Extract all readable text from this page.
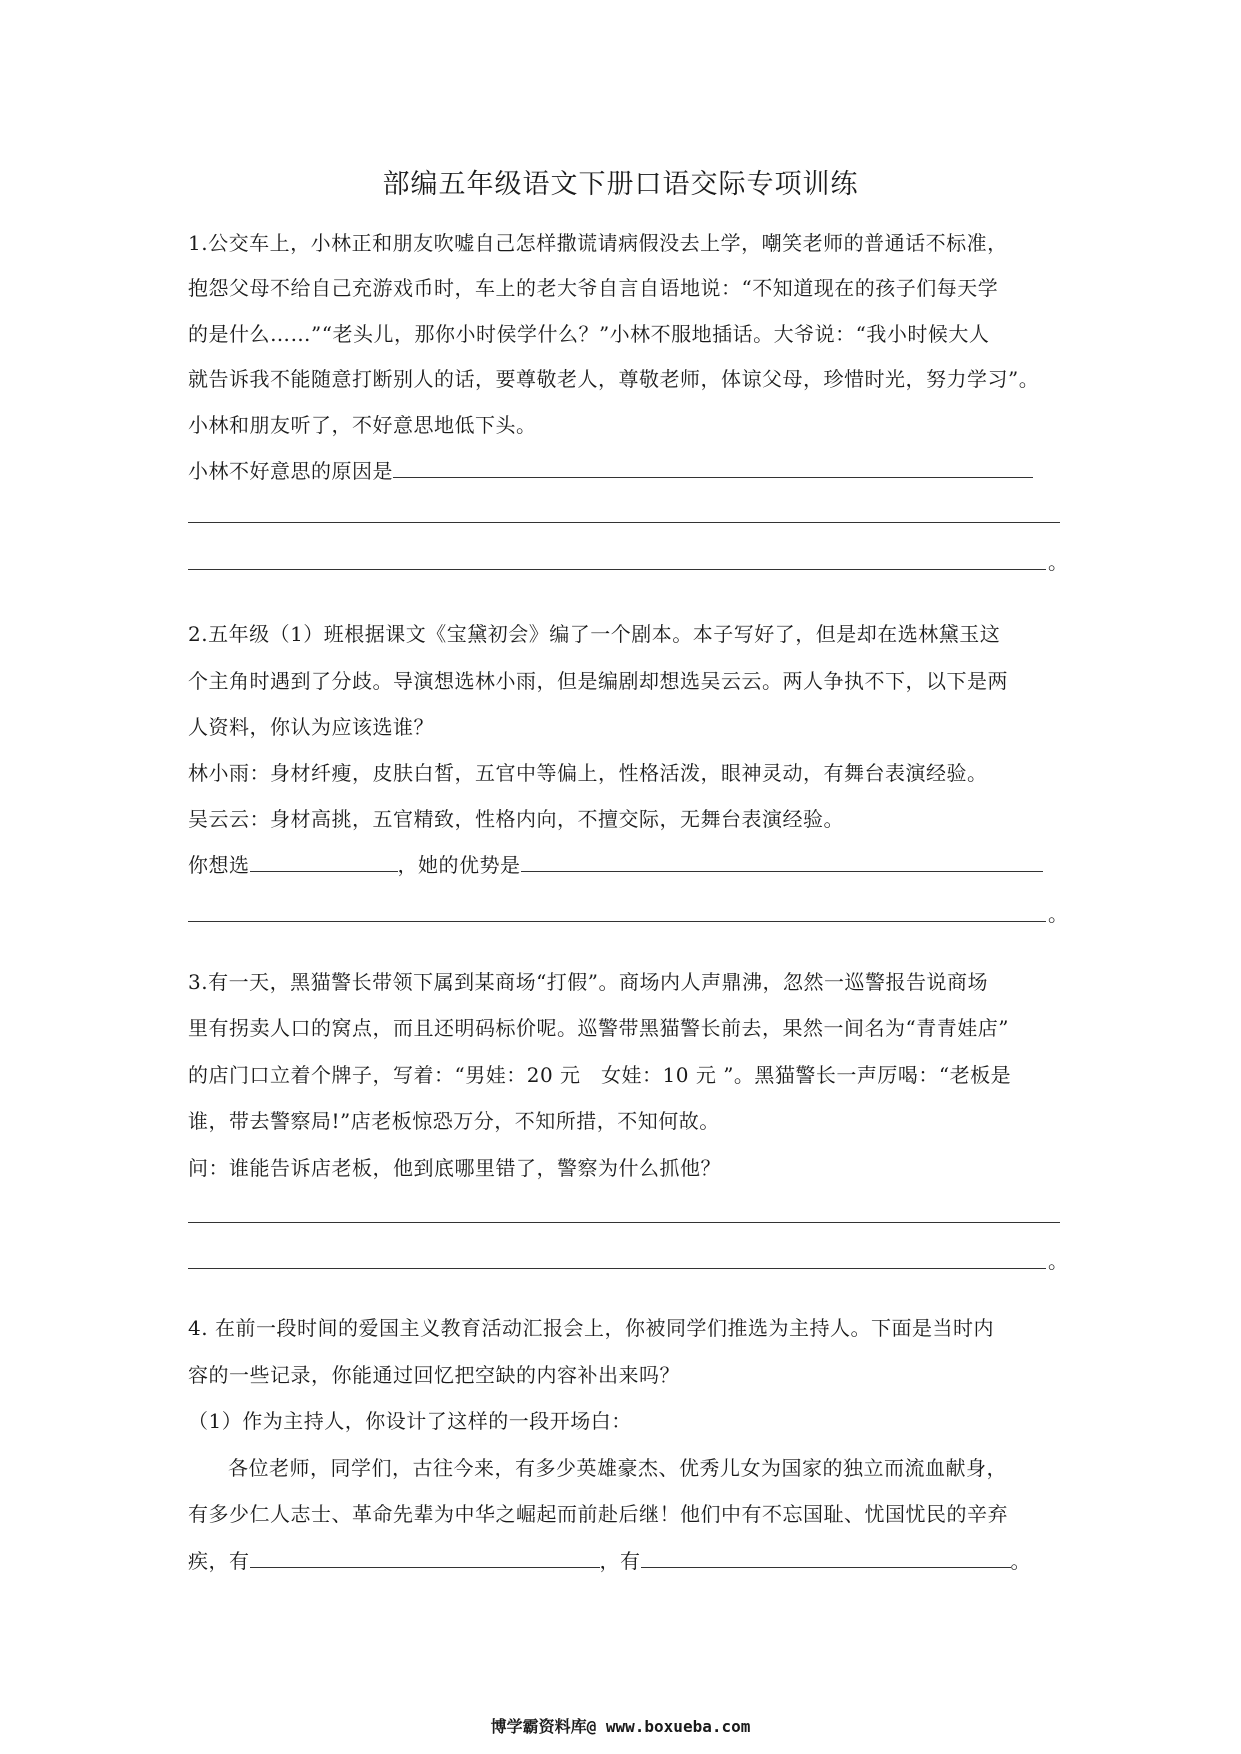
部编五年级语文下册口语交际专项训练
1.公交车上，小林正和朋友吹嘘自己怎样撒谎请病假没去上学，嘲笑老师的普通话不标准，
抱怨父母不给自己充游戏币时，车上的老大爷自言自语地说：“不知道现在的孩子们每天学
的是什么……”“老头儿，那你小时侯学什么？”小林不服地插话。大爷说：“我小时候大人
就告诉我不能随意打断别人的话，要尊敬老人，尊敬老师，体谅父母，珍惜时光，努力学习”。
小林和朋友听了，不好意思地低下头。
小林不好意思的原因是
。
2.五年级（1）班根据课文《宝黛初会》编了一个剧本。本子写好了，但是却在选林黛玉这
个主角时遇到了分歧。导演想选林小雨，但是编剧却想选吴云云。两人争执不下，以下是两
人资料，你认为应该选谁？
林小雨：身材纤瘦，皮肤白皙，五官中等偏上，性格活泼，眼神灵动，有舞台表演经验。
吴云云：身材高挑，五官精致，性格内向，不擅交际，无舞台表演经验。
你想选	，她的优势是
。
3.有一天，黑猫警长带领下属到某商场“打假”。商场内人声鼎沸，忽然一巡警报告说商场
里有拐卖人口的窝点，而且还明码标价呢。巡警带黑猫警长前去，果然一间名为“青青娃店”
的店门口立着个牌子，写着：“男娃：20 元　女娃：10 元 ”。黑猫警长一声厉喝：“老板是
谁，带去警察局!”店老板惊恐万分，不知所措，不知何故。
问：谁能告诉店老板，他到底哪里错了，警察为什么抓他？
。
4. 在前一段时间的爱国主义教育活动汇报会上，你被同学们推选为主持人。下面是当时内
容的一些记录，你能通过回忆把空缺的内容补出来吗？
（1）作为主持人，你设计了这样的一段开场白：
各位老师，同学们，古往今来，有多少英雄豪杰、优秀儿女为国家的独立而流血献身，
有多少仁人志士、革命先辈为中华之崛起而前赴后继！他们中有不忘国耻、忧国忧民的辛弃
疾，有	，有	。
博学霸资料库@ www.boxueba.com
